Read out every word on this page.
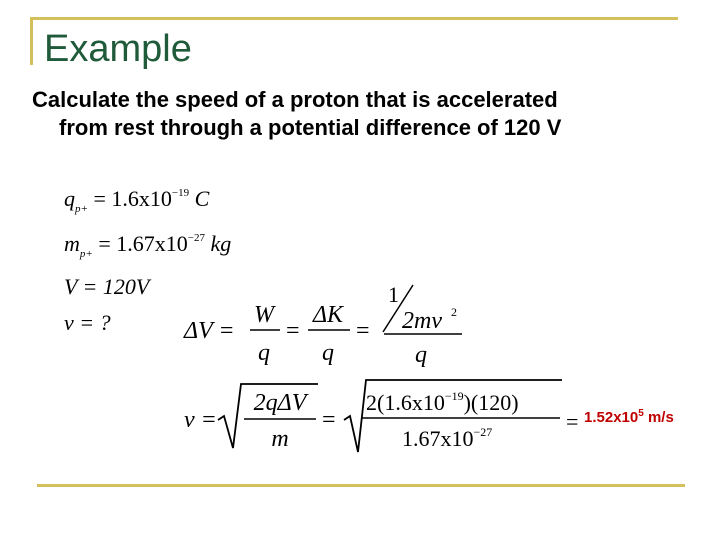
Example
Calculate the speed of a proton that is accelerated
from rest through a potential difference of 120 V
$q_{p+} = 1.6x10^{-19}$ C
$m_{p+} = 1.67x10^{-27}$ kg
V = 120V
v = ?	ΔV =
W
q
=
ΔK
q
=
1
2mv 2
q
v =
2qΔV
m
=
$2(1.6x10^{-19})(120)$
$1.67x10^{-27}$	= $1.52x10^5$ m/s
